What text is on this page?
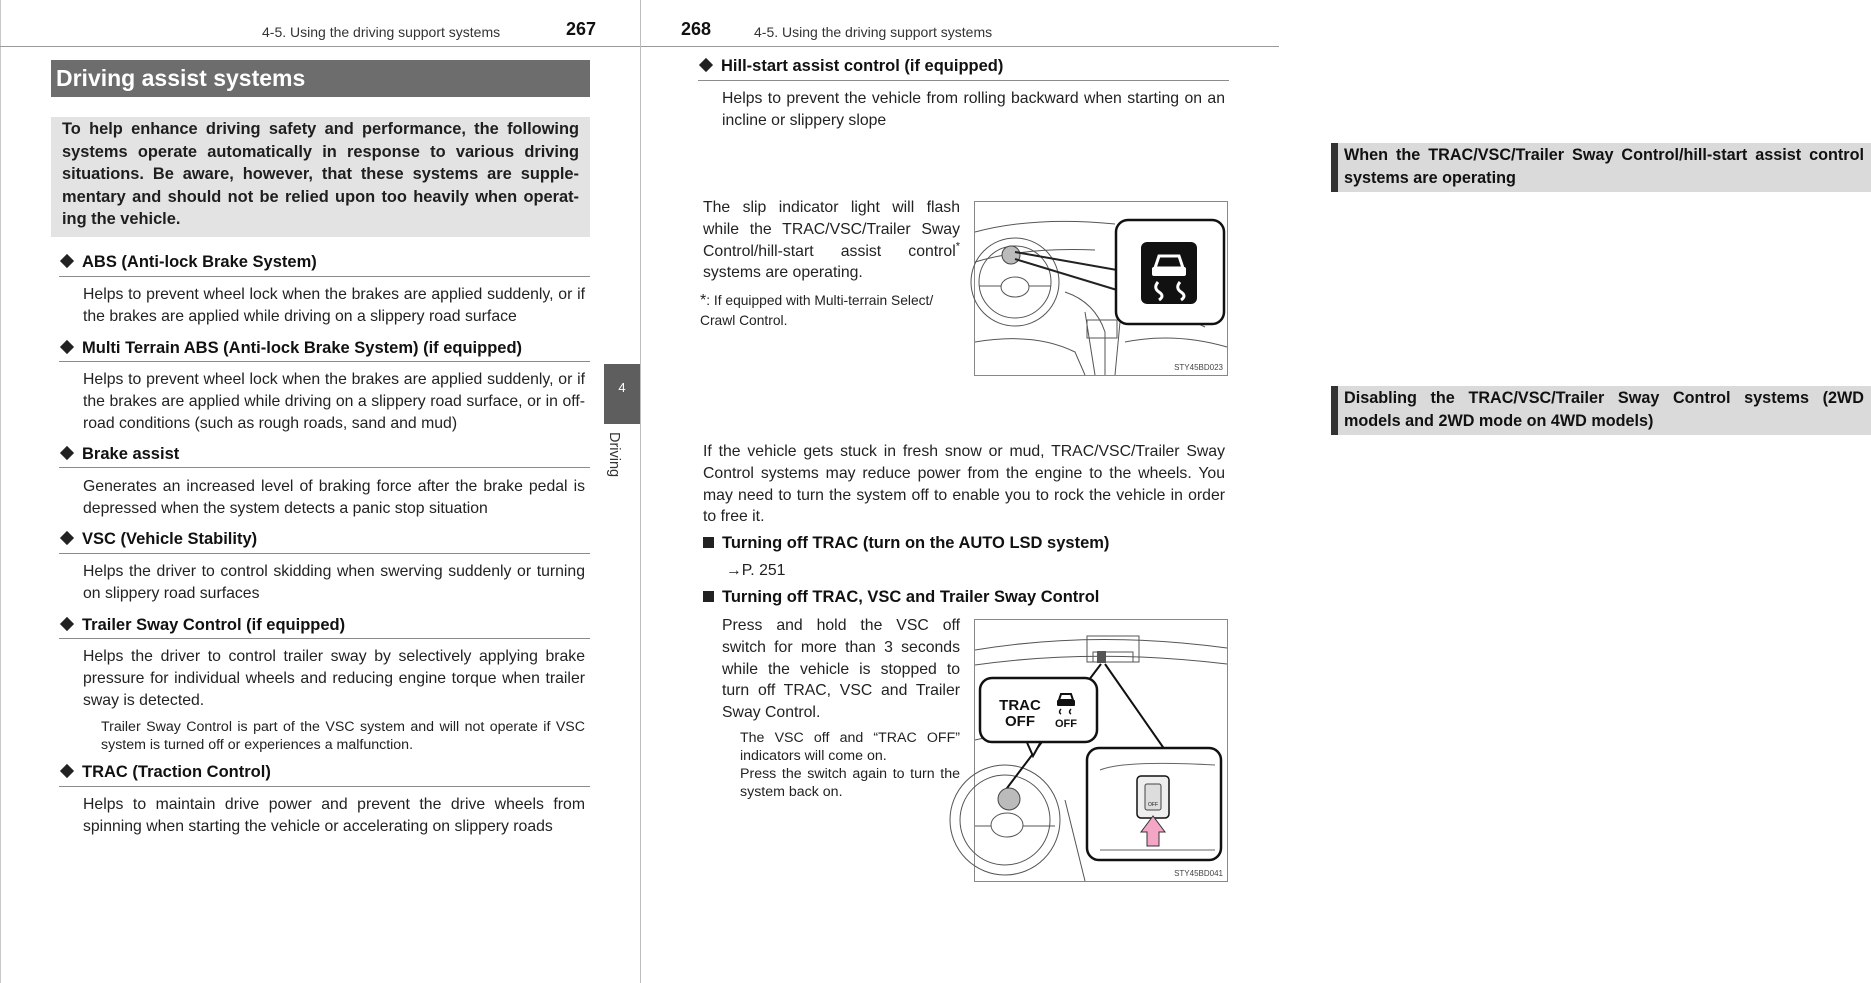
4-5. Using the driving support systems	267
Driving assist systems
To help enhance driving safety and performance, the following systems operate automatically in response to various driving situations. Be aware, however, that these systems are supple-mentary and should not be relied upon too heavily when operat-ing the vehicle.
ABS (Anti-lock Brake System)
Helps to prevent wheel lock when the brakes are applied suddenly, or if the brakes are applied while driving on a slippery road surface
Multi Terrain ABS (Anti-lock Brake System) (if equipped)
Helps to prevent wheel lock when the brakes are applied suddenly, or if the brakes are applied while driving on a slippery road surface, or in off-road conditions (such as rough roads, sand and mud)
Brake assist
Generates an increased level of braking force after the brake pedal is depressed when the system detects a panic stop situation
VSC (Vehicle Stability)
Helps the driver to control skidding when swerving suddenly or turning on slippery road surfaces
Trailer Sway Control (if equipped)
Helps the driver to control trailer sway by selectively applying brake pressure for individual wheels and reducing engine torque when trailer sway is detected.
Trailer Sway Control is part of the VSC system and will not operate if VSC system is turned off or experiences a malfunction.
TRAC (Traction Control)
Helps to maintain drive power and prevent the drive wheels from spinning when starting the vehicle or accelerating on slippery roads
4
Driving
268	4-5. Using the driving support systems
Hill-start assist control (if equipped)
Helps to prevent the vehicle from rolling backward when starting on an incline or slippery slope
When the TRAC/VSC/Trailer Sway Control/hill-start assist control systems are operating
The slip indicator light will flash while the TRAC/VSC/Trailer Sway Control/hill-start assist control* systems are operating.
*: If equipped with Multi-terrain Select/ Crawl Control.
STY45BD023
Disabling the TRAC/VSC/Trailer Sway Control systems (2WD models and 2WD mode on 4WD models)
If the vehicle gets stuck in fresh snow or mud, TRAC/VSC/Trailer Sway Control systems may reduce power from the engine to the wheels. You may need to turn the system off to enable you to rock the vehicle in order to free it.
Turning off TRAC (turn on the AUTO LSD system)
→P. 251
Turning off TRAC, VSC and Trailer Sway Control
Press and hold the VSC off switch for more than 3 seconds while the vehicle is stopped to turn off TRAC, VSC and Trailer Sway Control.
The VSC off and “TRAC OFF” indicators will come on.
Press the switch again to turn the system back on.
TRAC
OFF OFF
OFF
STY45BD041
